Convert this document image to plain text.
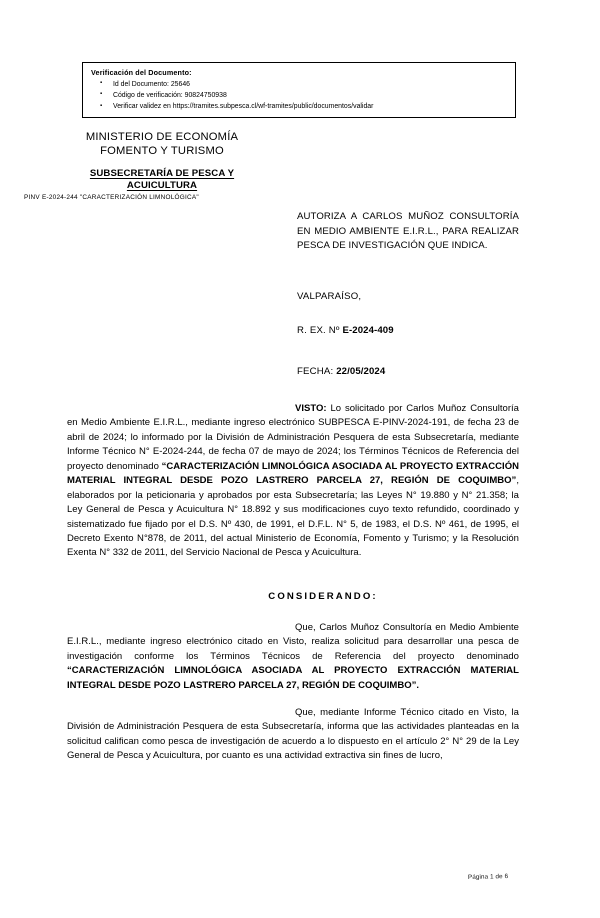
Verificación del Documento:
▪ Id del Documento: 25646
▪ Código de verificación: 90824750938
▪ Verificar validez en https://tramites.subpesca.cl/wf-tramites/public/documentos/validar
MINISTERIO DE ECONOMÍA
FOMENTO Y TURISMO
SUBSECRETARÍA DE PESCA Y
ACUICULTURA
PINV E-2024-244 "CARACTERIZACIÓN LIMNOLÓGICA"
AUTORIZA A CARLOS MUÑOZ CONSULTORÍA EN MEDIO AMBIENTE E.I.R.L., PARA REALIZAR PESCA DE INVESTIGACIÓN QUE INDICA.
VALPARAÍSO,
R. EX. Nº E-2024-409
FECHA: 22/05/2024

VISTO: Lo solicitado por Carlos Muñoz Consultoría en Medio Ambiente E.I.R.L., mediante ingreso electrónico SUBPESCA E-PINV-2024-191, de fecha 23 de abril de 2024; lo informado por la División de Administración Pesquera de esta Subsecretaría, mediante Informe Técnico N° E-2024-244, de fecha 07 de mayo de 2024; los Términos Técnicos de Referencia del proyecto denominado “CARACTERIZACIÓN LIMNOLÓGICA ASOCIADA AL PROYECTO EXTRACCIÓN MATERIAL INTEGRAL DESDE POZO LASTRERO PARCELA 27, REGIÓN DE COQUIMBO”, elaborados por la peticionaria y aprobados por esta Subsecretaría; las Leyes N° 19.880 y N° 21.358; la Ley General de Pesca y Acuicultura N° 18.892 y sus modificaciones cuyo texto refundido, coordinado y sistematizado fue fijado por el D.S. Nº 430, de 1991, el D.F.L. N° 5, de 1983, el D.S. Nº 461, de 1995, el Decreto Exento N°878, de 2011, del actual Ministerio de Economía, Fomento y Turismo; y la Resolución Exenta N° 332 de 2011, del Servicio Nacional de Pesca y Acuicultura.

CONSIDERANDO:

Que, Carlos Muñoz Consultoría en Medio Ambiente E.I.R.L., mediante ingreso electrónico citado en Visto, realiza solicitud para desarrollar una pesca de investigación conforme los Términos Técnicos de Referencia del proyecto denominado “CARACTERIZACIÓN LIMNOLÓGICA ASOCIADA AL PROYECTO EXTRACCIÓN MATERIAL INTEGRAL DESDE POZO LASTRERO PARCELA 27, REGIÓN DE COQUIMBO”.

Que, mediante Informe Técnico citado en Visto, la División de Administración Pesquera de esta Subsecretaría, informa que las actividades planteadas en la solicitud califican como pesca de investigación de acuerdo a lo dispuesto en el artículo 2° N° 29 de la Ley General de Pesca y Acuicultura, por cuanto es una actividad extractiva sin fines de lucro,

Página 1 de 6
